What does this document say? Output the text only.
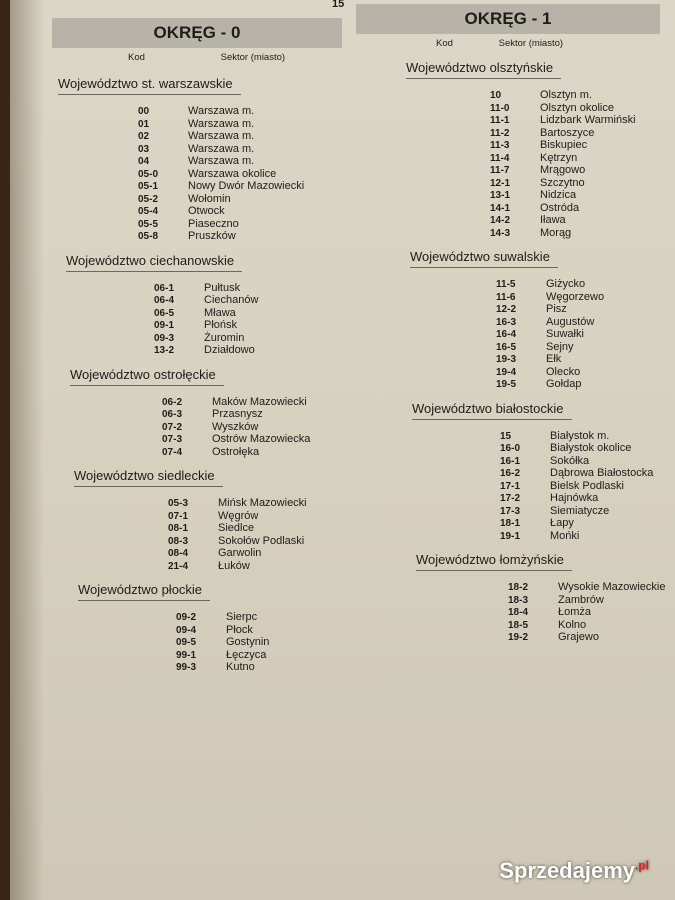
15
OKRĘG - 0
Kod	Sektor (miasto)
Województwo st. warszawskie
00	Warszawa m.
01	Warszawa m.
02	Warszawa m.
03	Warszawa m.
04	Warszawa m.
05-0	Warszawa okolice
05-1	Nowy Dwór Mazowiecki
05-2	Wołomin
05-4	Otwock
05-5	Piaseczno
05-8	Pruszków
Województwo ciechanowskie
06-1	Pułtusk
06-4	Ciechanów
06-5	Mława
09-1	Płońsk
09-3	Żuromin
13-2	Działdowo
Województwo ostrołęckie
06-2	Maków Mazowiecki
06-3	Przasnysz
07-2	Wyszków
07-3	Ostrów Mazowiecka
07-4	Ostrołęka
Województwo siedleckie
05-3	Mińsk Mazowiecki
07-1	Węgrów
08-1	Siedlce
08-3	Sokołów Podlaski
08-4	Garwolin
21-4	Łuków
Województwo płockie
09-2	Sierpc
09-4	Płock
09-5	Gostynin
99-1	Łęczyca
99-3	Kutno
OKRĘG - 1
Kod	Sektor (miasto)
Województwo olsztyńskie
10	Olsztyn m.
11-0	Olsztyn okolice
11-1	Lidzbark Warmiński
11-2	Bartoszyce
11-3	Biskupiec
11-4	Kętrzyn
11-7	Mrągowo
12-1	Szczytno
13-1	Nidzica
14-1	Ostróda
14-2	Iława
14-3	Morąg
Województwo suwalskie
11-5	Giżycko
11-6	Węgorzewo
12-2	Pisz
16-3	Augustów
16-4	Suwałki
16-5	Sejny
19-3	Ełk
19-4	Olecko
19-5	Gołdap
Województwo białostockie
15	Białystok m.
16-0	Białystok okolice
16-1	Sokółka
16-2	Dąbrowa Białostocka
17-1	Bielsk Podlaski
17-2	Hajnówka
17-3	Siemiatycze
18-1	Łapy
19-1	Mońki
Województwo łomżyńskie
18-2	Wysokie Mazowieckie
18-3	Zambrów
18-4	Łomża
18-5	Kolno
19-2	Grajewo
Sprzedajemy$^{.pl}$
